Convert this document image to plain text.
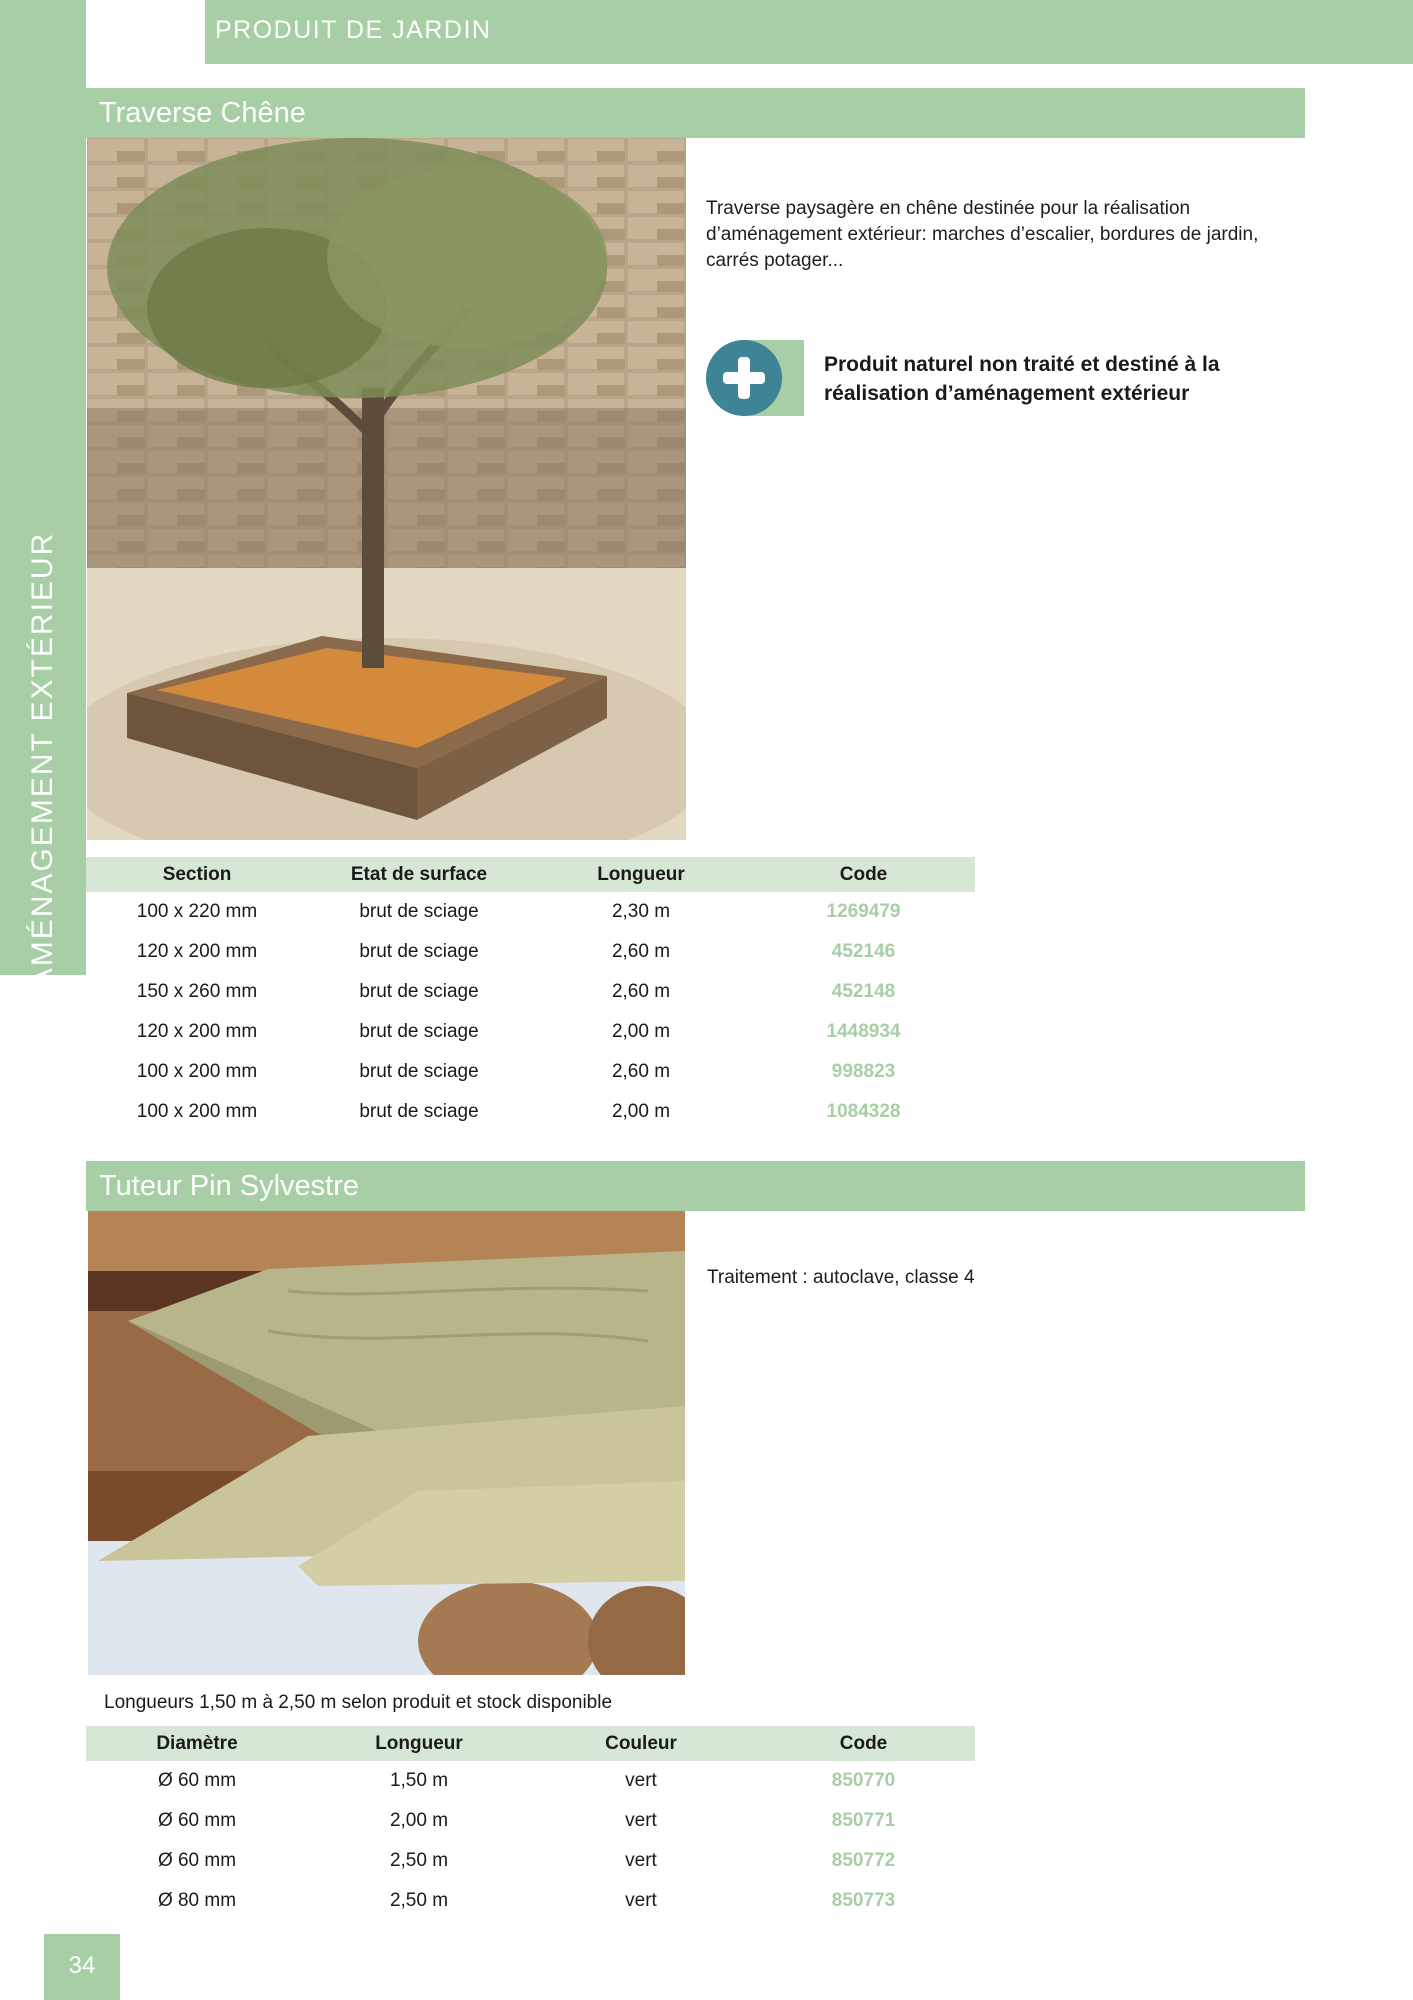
AMÉNAGEMENT EXTÉRIEUR
PRODUIT DE JARDIN
Traverse Chêne
Traverse paysagère en chêne destinée pour la réalisation d’aménagement extérieur: marches d’escalier, bordures de jardin, carrés potager...
Produit naturel non traité et destiné à la réalisation d’aménagement extérieur
Section	Etat de surface	Longueur	Code
100 x 220 mm	brut de sciage	2,30 m	1269479
120 x 200 mm	brut de sciage	2,60 m	452146
150 x 260 mm	brut de sciage	2,60 m	452148
120 x 200 mm	brut de sciage	2,00 m	1448934
100 x 200 mm	brut de sciage	2,60 m	998823
100 x 200 mm	brut de sciage	2,00 m	1084328
Tuteur Pin Sylvestre
Traitement : autoclave, classe 4
Longueurs 1,50 m à 2,50 m selon produit et stock disponible
Diamètre	Longueur	Couleur	Code
Ø 60 mm	1,50 m	vert	850770
Ø 60 mm	2,00 m	vert	850771
Ø 60 mm	2,50 m	vert	850772
Ø 80 mm	2,50 m	vert	850773
34
